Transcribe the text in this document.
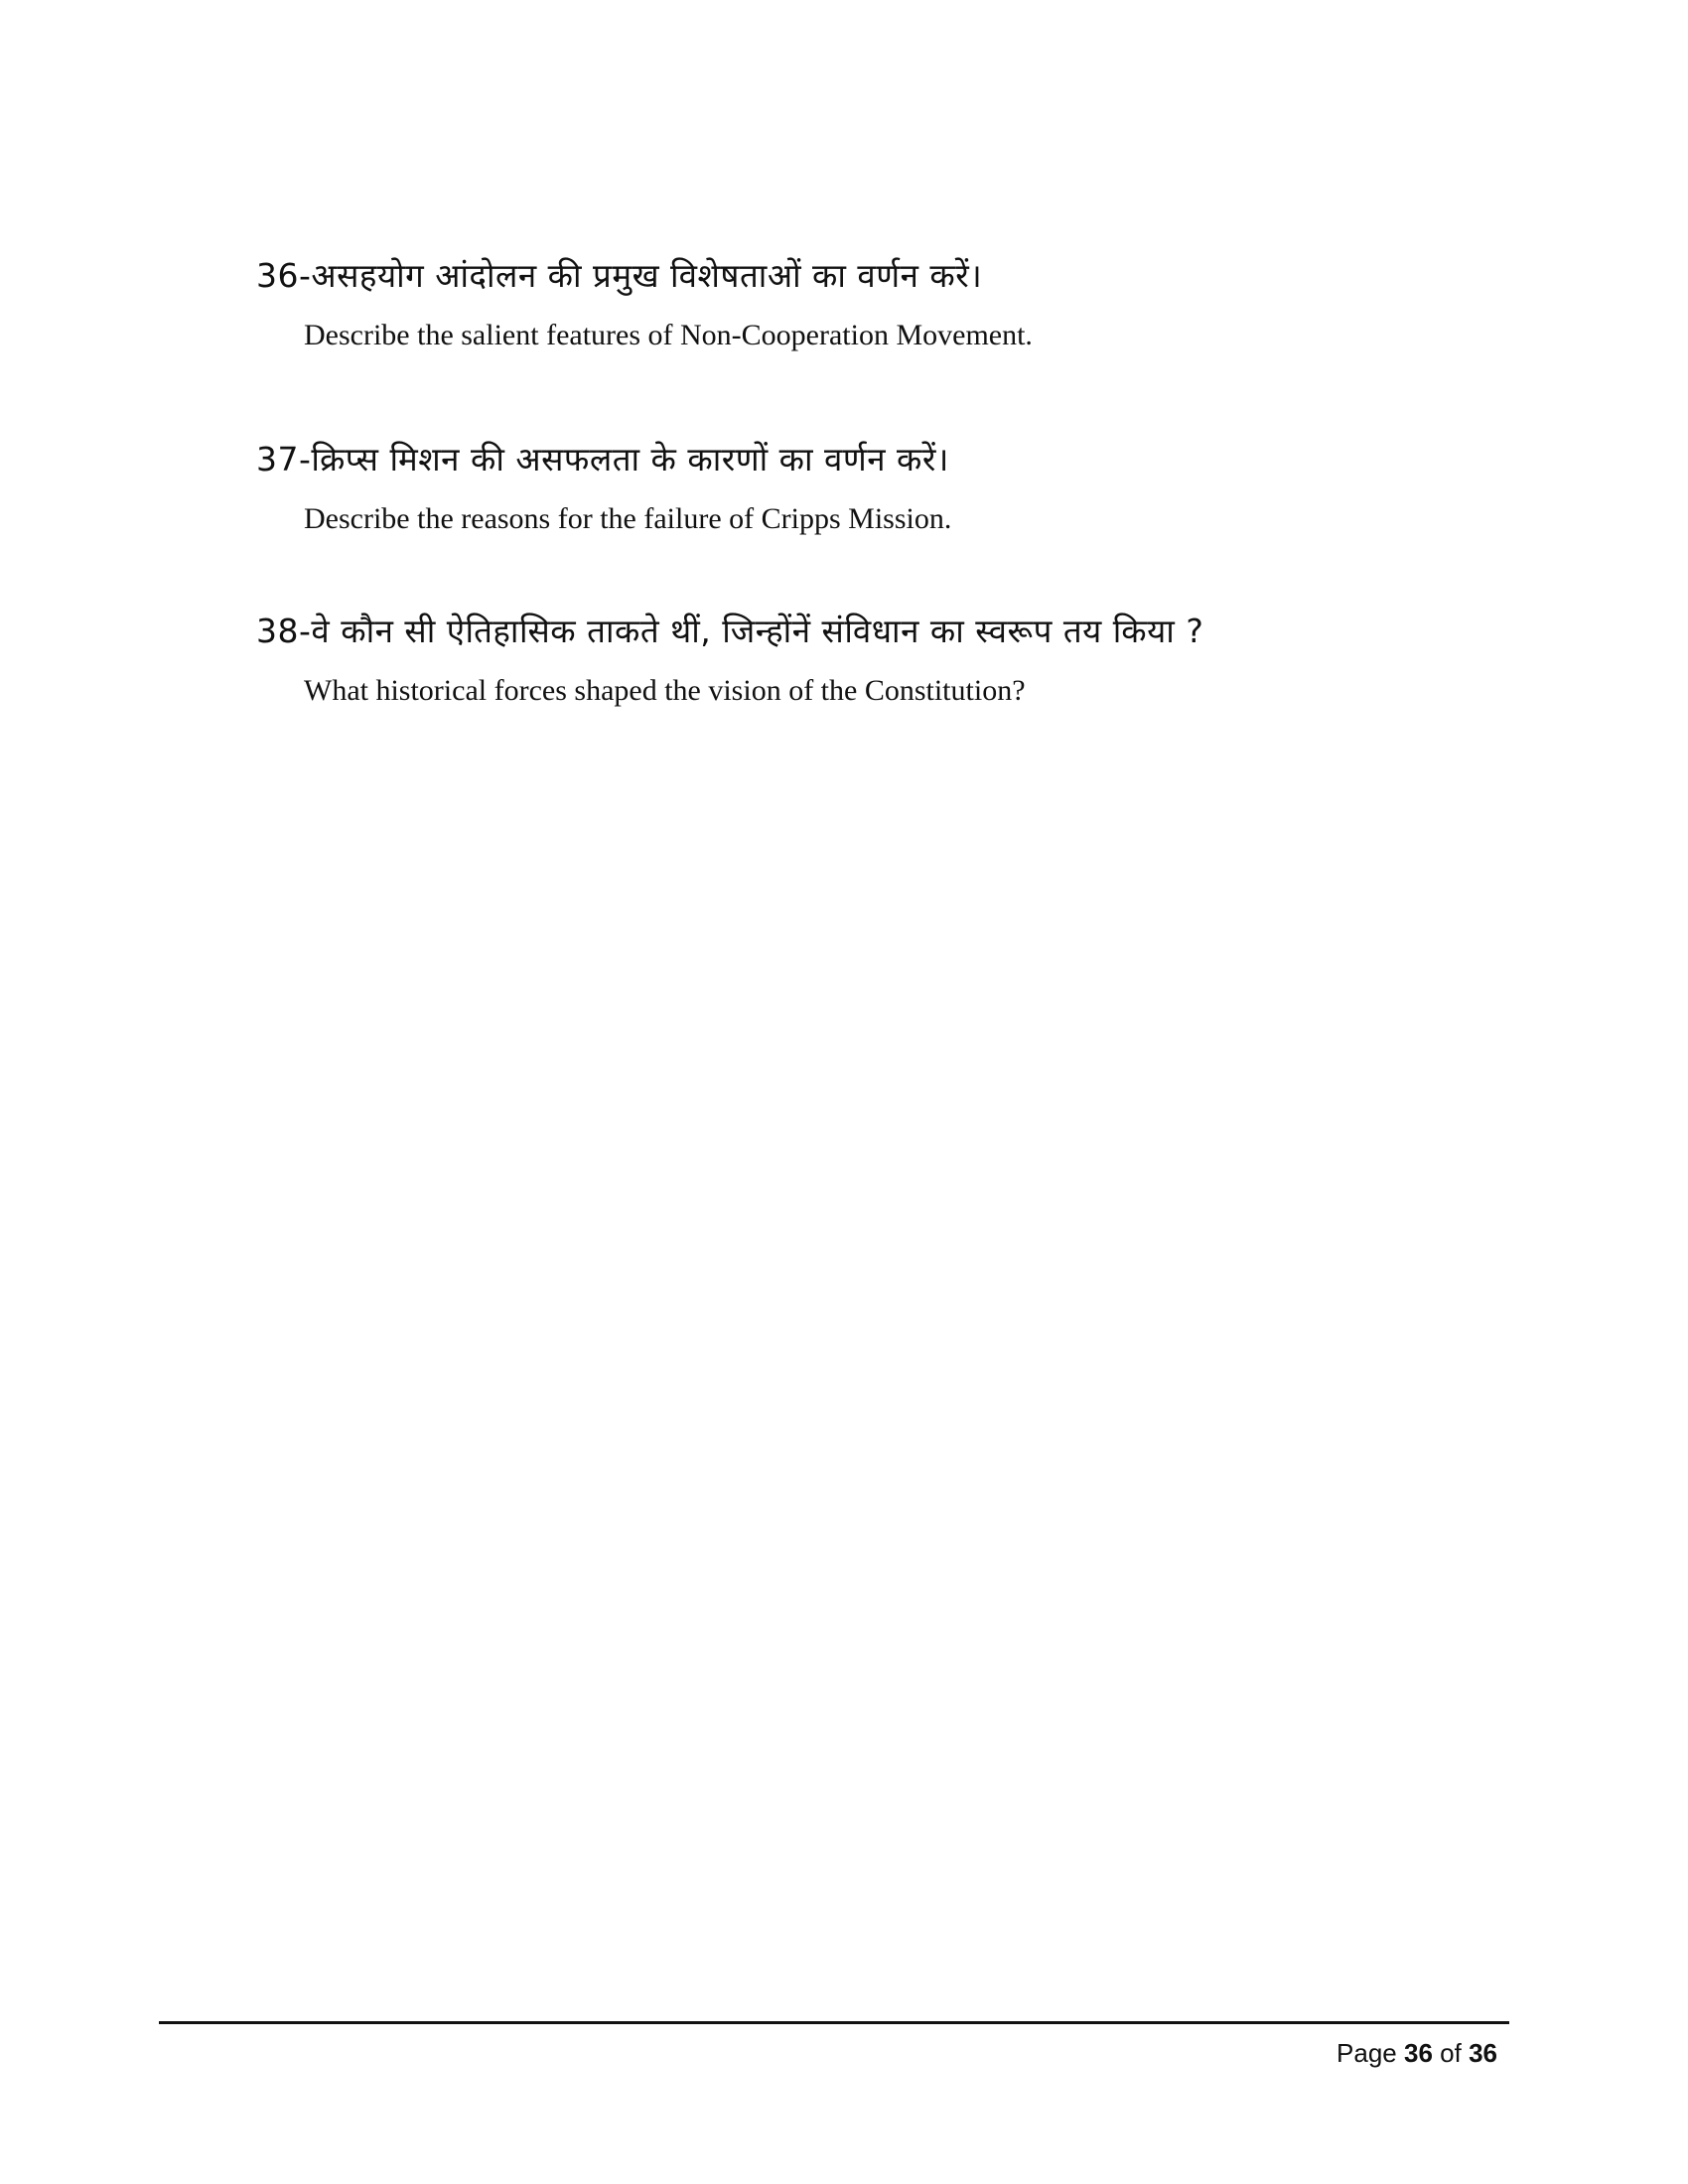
36-असहयोग आंदोलन की प्रमुख विशेषताओं का वर्णन करें।
Describe the salient features of Non-Cooperation Movement.
37-क्रिप्स मिशन की असफलता के कारणों का वर्णन करें।
Describe the reasons for the failure of Cripps Mission.
38-वे कौन सी ऐतिहासिक ताकते थीं, जिन्होंनें संविधान का स्वरूप तय किया ?
What historical forces shaped the vision of the Constitution?
Page 36 of 36
